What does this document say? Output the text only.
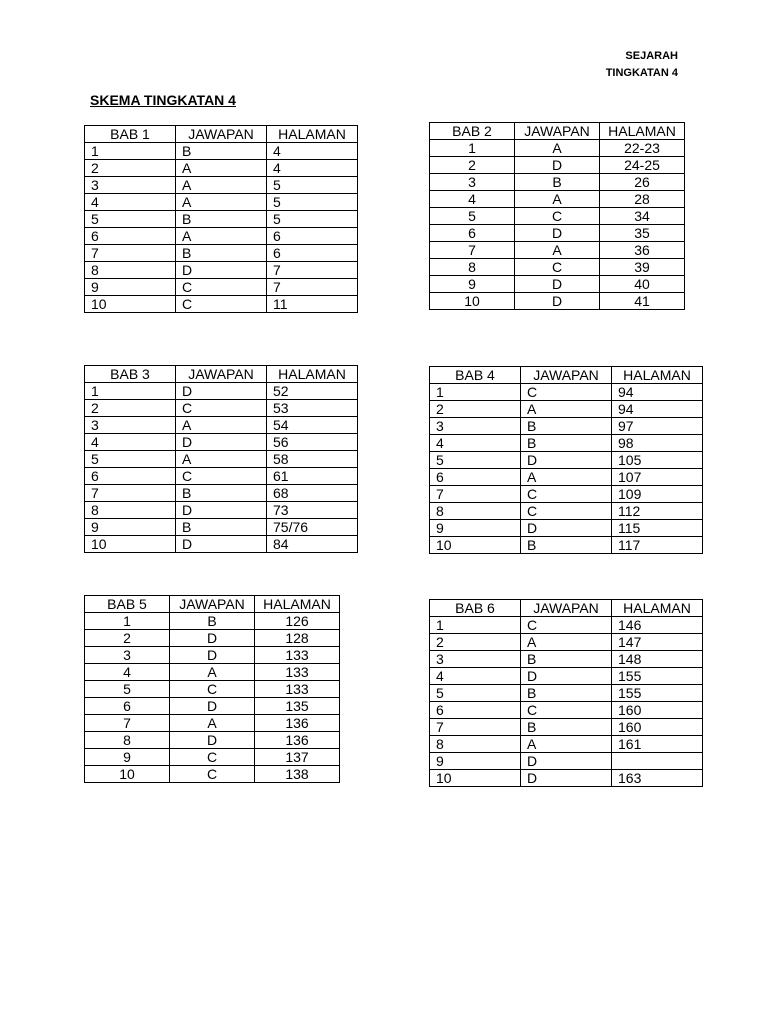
SEJARAH
TINGKATAN 4
SKEMA TINGKATAN 4
BAB 1	JAWAPAN	HALAMAN
1	B	4
2	A	4
3	A	5
4	A	5
5	B	5
6	A	6
7	B	6
8	D	7
9	C	7
10	C	11
BAB 2	JAWAPAN	HALAMAN
1	A	22-23
2	D	24-25
3	B	26
4	A	28
5	C	34
6	D	35
7	A	36
8	C	39
9	D	40
10	D	41
BAB 3	JAWAPAN	HALAMAN
1	D	52
2	C	53
3	A	54
4	D	56
5	A	58
6	C	61
7	B	68
8	D	73
9	B	75/76
10	D	84
BAB 4	JAWAPAN	HALAMAN
1	C	94
2	A	94
3	B	97
4	B	98
5	D	105
6	A	107
7	C	109
8	C	112
9	D	115
10	B	117
BAB 5	JAWAPAN	HALAMAN
1	B	126
2	D	128
3	D	133
4	A	133
5	C	133
6	D	135
7	A	136
8	D	136
9	C	137
10	C	138
BAB 6	JAWAPAN	HALAMAN
1	C	146
2	A	147
3	B	148
4	D	155
5	B	155
6	C	160
7	B	160
8	A	161
9	D	
10	D	163
